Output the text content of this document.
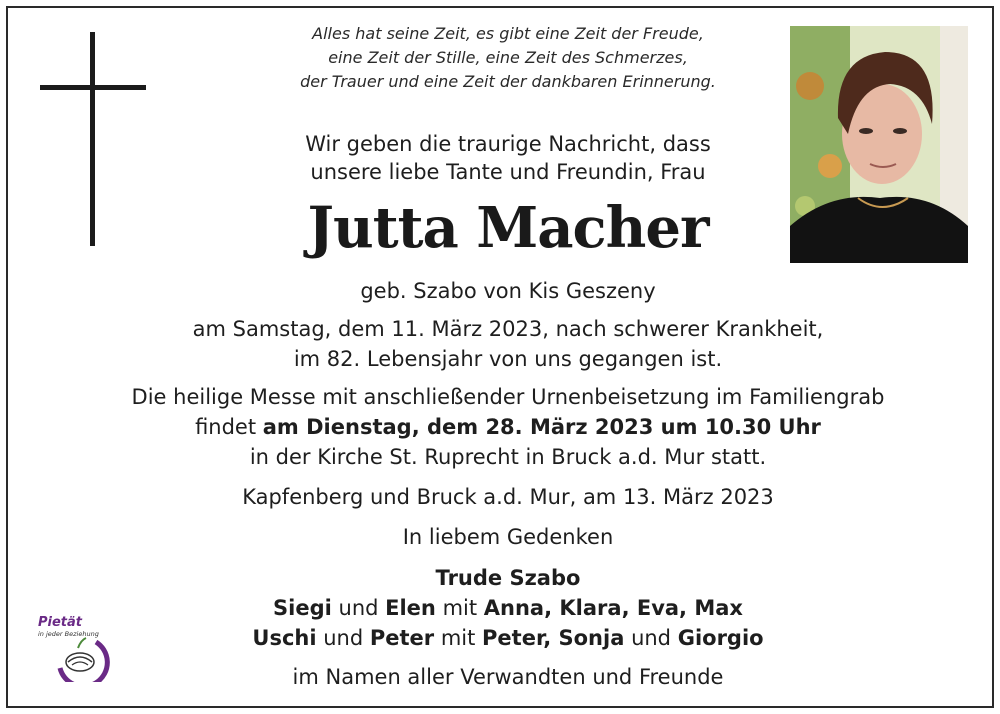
Alles hat seine Zeit, es gibt eine Zeit der Freude,
eine Zeit der Stille, eine Zeit des Schmerzes,
der Trauer und eine Zeit der dankbaren Erinnerung.
Wir geben die traurige Nachricht, dass
unsere liebe Tante und Freundin, Frau
Jutta Macher
geb. Szabo von Kis Geszeny
am Samstag, dem 11. März 2023, nach schwerer Krankheit,
im 82. Lebensjahr von uns gegangen ist.
Die heilige Messe mit anschließender Urnenbeisetzung im Familiengrab
findet am Dienstag, dem 28. März 2023 um 10.30 Uhr
in der Kirche St. Ruprecht in Bruck a.d. Mur statt.
Kapfenberg und Bruck a.d. Mur, am 13. März 2023
In liebem Gedenken
Trude Szabo
Siegi und Elen mit Anna, Klara, Eva, Max
Uschi und Peter mit Peter, Sonja und Giorgio
im Namen aller Verwandten und Freunde
Pietät
in jeder Beziehung
